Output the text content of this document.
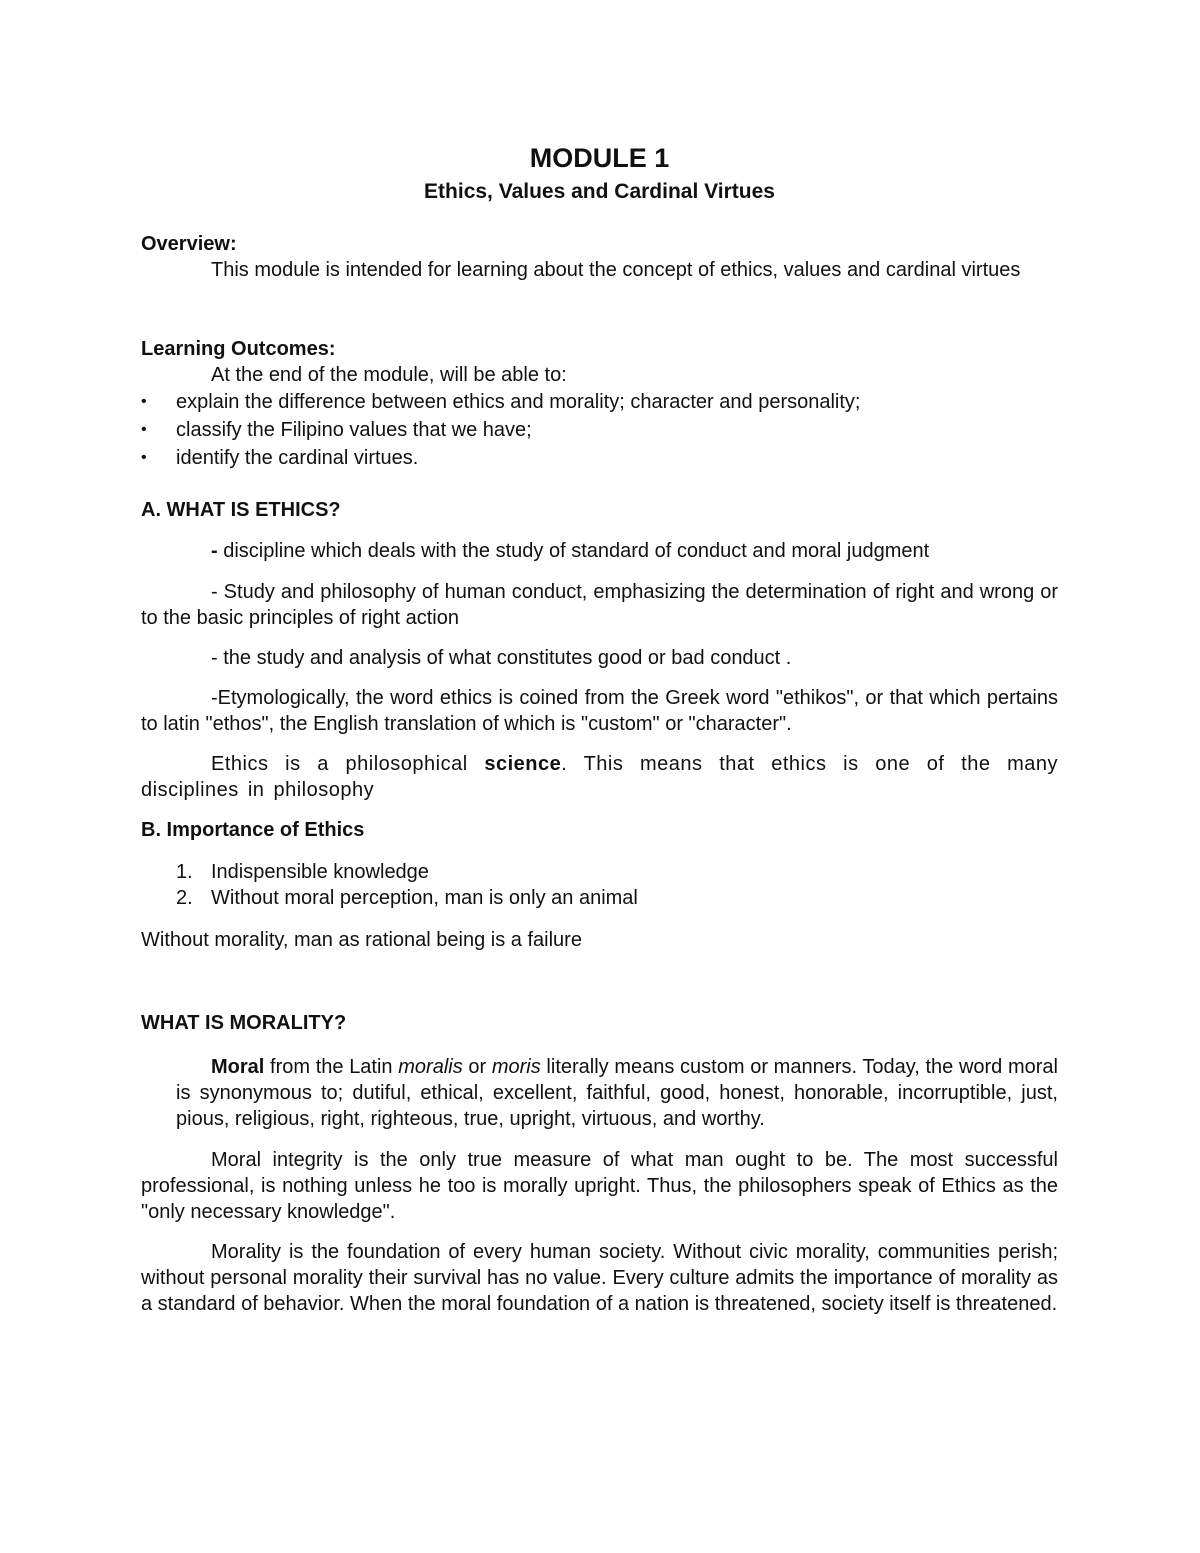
MODULE 1
Ethics, Values and Cardinal Virtues

Overview:

This module is intended for learning about the concept of ethics, values and cardinal virtues

Learning Outcomes:

At the end of the module, will be able to:

• explain the difference between ethics and morality; character and personality;
• classify the Filipino values that we have;
• identify the cardinal virtues.

A. WHAT IS ETHICS?

- discipline which deals with the study of standard of conduct and moral judgment

- Study and philosophy of human conduct, emphasizing the determination of right and wrong or to the basic principles of right action

- the study and analysis of what constitutes good or bad conduct .

-Etymologically, the word ethics is coined from the Greek word "ethikos", or that which pertains to latin "ethos", the English translation of which is "custom" or "character".

Ethics is a philosophical science. This means that ethics is one of the many disciplines in philosophy

B. Importance of Ethics

1. Indispensible knowledge
2. Without moral perception, man is only an animal

Without morality, man as rational being is a failure

WHAT IS MORALITY?

Moral from the Latin moralis or moris literally means custom or manners. Today, the word moral is synonymous to; dutiful, ethical, excellent, faithful, good, honest, honorable, incorruptible, just, pious, religious, right, righteous, true, upright, virtuous, and worthy.

Moral integrity is the only true measure of what man ought to be. The most successful professional, is nothing unless he too is morally upright. Thus, the philosophers speak of Ethics as the "only necessary knowledge".

Morality is the foundation of every human society. Without civic morality, communities perish; without personal morality their survival has no value. Every culture admits the importance of morality as a standard of behavior. When the moral foundation of a nation is threatened, society itself is threatened.
